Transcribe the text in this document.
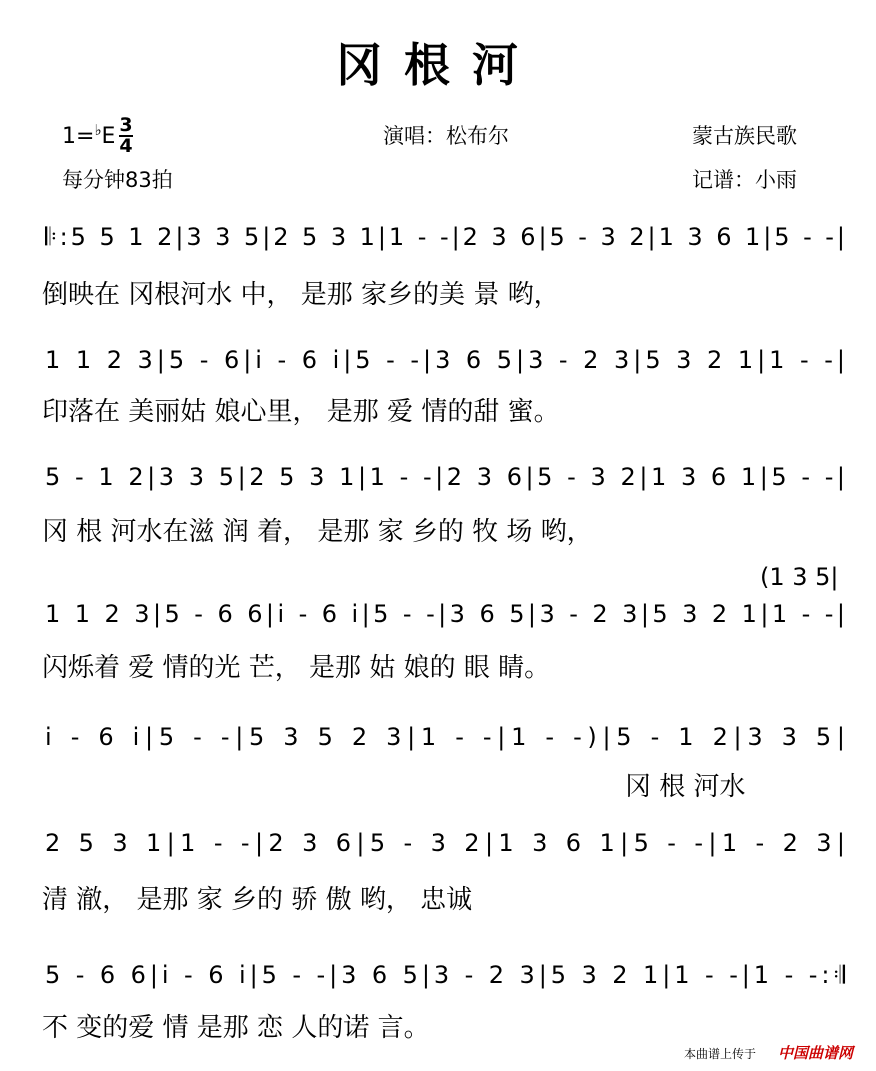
冈根河
1= ♭ E $\frac{3}{4}$
每分钟83拍
演唱：松布尔	蒙古族民歌
记谱：小雨
𝄆:5 5 1 2|3 3 5|2 5 3 1|1 - -|2 3 6|5 - 3 2|1 3 6 1|5 - -|
倒映在 冈根河水 中， 是那 家乡的美 景 哟，
1 1 2 3|5 - 6|i - 6 i|5 - -|3 6 5|3 - 2 3|5 3 2 1|1 - -|
印落在 美丽姑 娘心里， 是那 爱 情的甜 蜜。
5 - 1 2|3 3 5|2 5 3 1|1 - -|2 3 6|5 - 3 2|1 3 6 1|5 - -|
冈 根 河水在滋 润 着， 是那 家 乡的 牧 场 哟，
1 1 2 3|5 - 6 6|i - 6 i|5 - -|3 6 5|3 - 2 3|5 3 2 1|1 - -|
闪烁着 爱 情的光 芒， 是那 姑 娘的 眼 睛。
i - 6 i|5 - -|5 3 5 2 3|1 - -|1 - -)|5 - 1 2|3 3 5|
冈 根 河水
2 5 3 1|1 - -|2 3 6|5 - 3 2|1 3 6 1|5 - -|1 - 2 3|
清 澈， 是那 家 乡的 骄 傲 哟， 忠诚
5 - 6 6|i - 6 i|5 - -|3 6 5|3 - 2 3|5 3 2 1|1 - -|1 - -:𝄇
不 变的爱 情 是那 恋 人的诺 言。
(1 3 5|
本曲谱上传于 中国曲谱网
